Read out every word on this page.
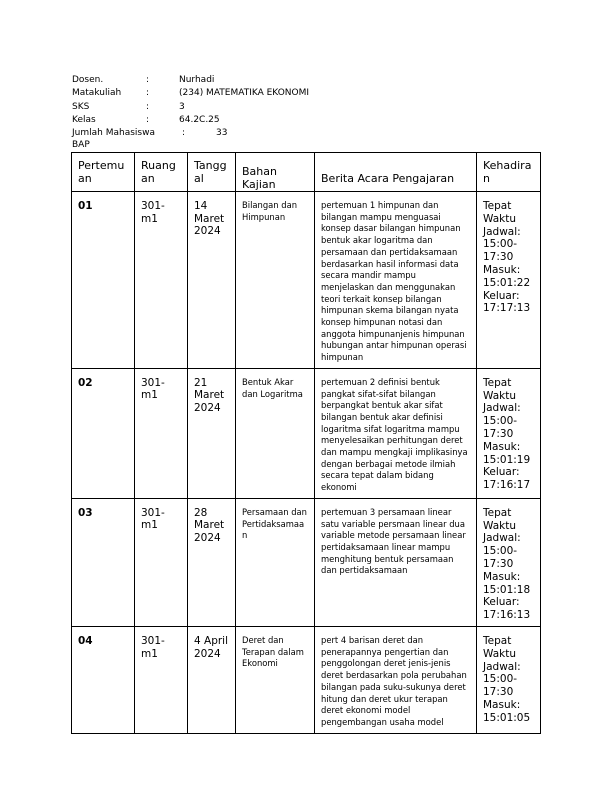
Dosen.	:	Nurhadi
Matakuliah	:	(234) MATEMATIKA EKONOMI
SKS	:	3
Kelas	:	64.2C.25
Jumlah Mahasiswa	:	33
BAP
Pertemuan	Ruangan	Tanggal	Bahan Kajian	Berita Acara Pengajaran	Kehadiran

01	301-m1	14 Maret 2024	Bilangan dan Himpunan	pertemuan 1 himpunan dan bilangan mampu menguasai konsep dasar bilangan himpunan bentuk akar logaritma dan persamaan dan pertidaksamaan berdasarkan hasil informasi data secara mandir mampu menjelaskan dan menggunakan teori terkait konsep bilangan himpunan skema bilangan nyata konsep himpunan notasi dan anggota himpunanjenis himpunan hubungan antar himpunan operasi himpunan	Tepat Waktu Jadwal: 15:00-17:30 Masuk: 15:01:22 Keluar: 17:17:13

02	301-m1	21 Maret 2024	Bentuk Akar dan Logaritma	pertemuan 2 definisi bentuk pangkat sifat-sifat bilangan berpangkat bentuk akar sifat bilangan bentuk akar definisi logaritma sifat logaritma mampu menyelesaikan perhitungan deret dan mampu mengkaji implikasinya dengan berbagai metode ilmiah secara tepat dalam bidang ekonomi	Tepat Waktu Jadwal: 15:00-17:30 Masuk: 15:01:19 Keluar: 17:16:17

03	301-m1	28 Maret 2024	Persamaan dan Pertidaksamaan	pertemuan 3 persamaan linear satu variable persmaan linear dua variable metode persamaan linear pertidaksamaan linear mampu menghitung bentuk persamaan dan pertidaksamaan	Tepat Waktu Jadwal: 15:00-17:30 Masuk: 15:01:18 Keluar: 17:16:13

04	301-m1	4 April 2024	Deret dan Terapan dalam Ekonomi	pert 4 barisan deret dan penerapannya pengertian dan penggolongan deret jenis-jenis deret berdasarkan pola perubahan bilangan pada suku-sukunya deret hitung dan deret ukur terapan deret ekonomi model pengembangan usaha model	Tepat Waktu Jadwal: 15:00-17:30 Masuk: 15:01:05
